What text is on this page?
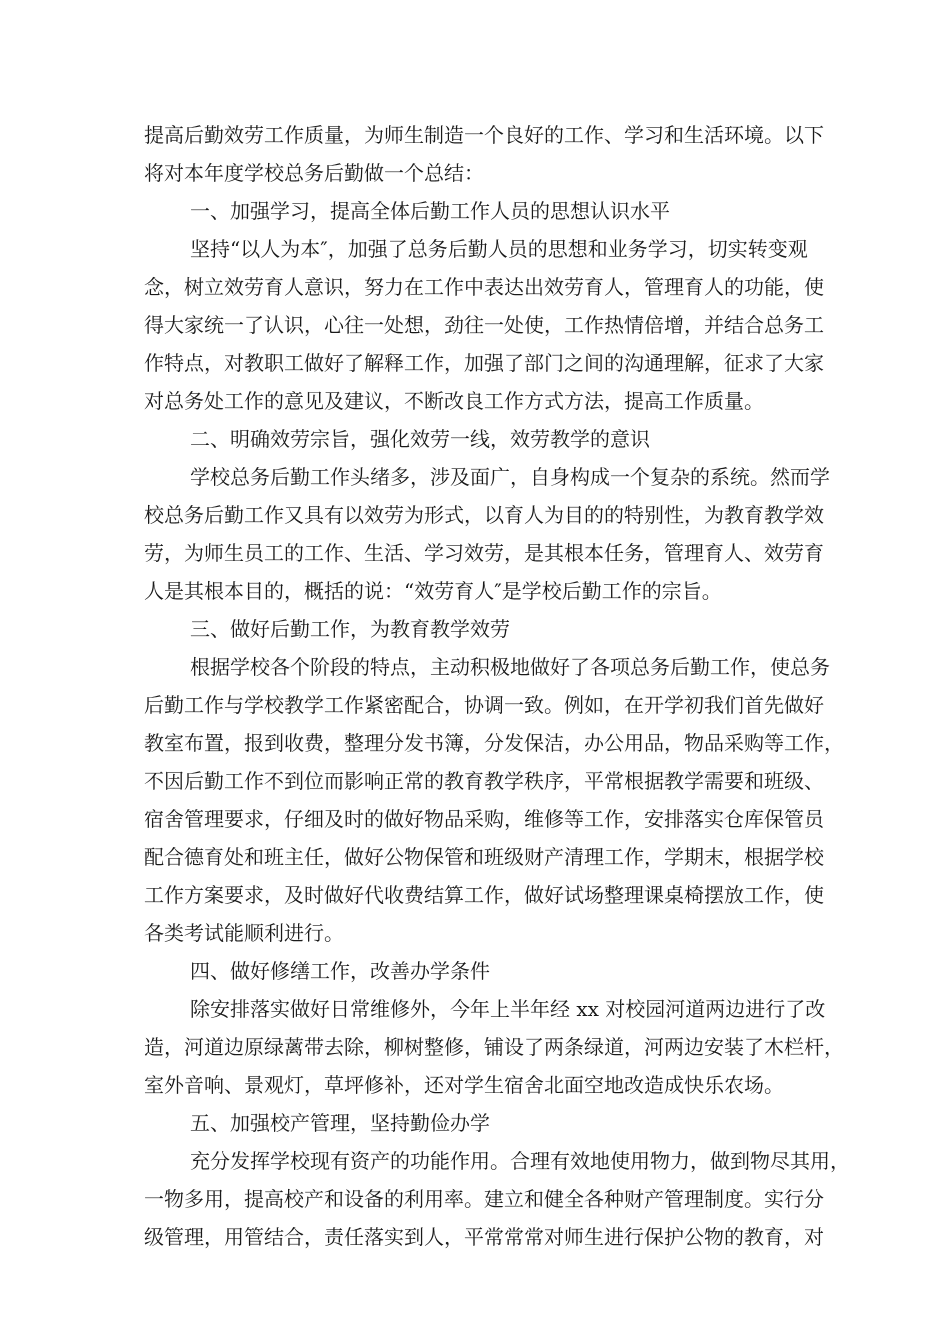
提高后勤效劳工作质量，为师生制造一个良好的工作、学习和生活环境。以下
将对本年度学校总务后勤做一个总结：
一、加强学习，提高全体后勤工作人员的思想认识水平
坚持“以人为本″，加强了总务后勤人员的思想和业务学习，切实转变观
念，树立效劳育人意识，努力在工作中表达出效劳育人，管理育人的功能，使
得大家统一了认识，心往一处想，劲往一处使，工作热情倍增，并结合总务工
作特点，对教职工做好了解释工作，加强了部门之间的沟通理解，征求了大家
对总务处工作的意见及建议，不断改良工作方式方法，提高工作质量。
二、明确效劳宗旨，强化效劳一线，效劳教学的意识
学校总务后勤工作头绪多，涉及面广，自身构成一个复杂的系统。然而学
校总务后勤工作又具有以效劳为形式，以育人为目的的特别性，为教育教学效
劳，为师生员工的工作、生活、学习效劳，是其根本任务，管理育人、效劳育
人是其根本目的，概括的说：“效劳育人″是学校后勤工作的宗旨。
三、做好后勤工作，为教育教学效劳
根据学校各个阶段的特点，主动积极地做好了各项总务后勤工作，使总务
后勤工作与学校教学工作紧密配合，协调一致。例如，在开学初我们首先做好
教室布置，报到收费，整理分发书簿，分发保洁，办公用品，物品采购等工作，
不因后勤工作不到位而影响正常的教育教学秩序，平常根据教学需要和班级、
宿舍管理要求，仔细及时的做好物品采购，维修等工作，安排落实仓库保管员
配合德育处和班主任，做好公物保管和班级财产清理工作，学期末，根据学校
工作方案要求，及时做好代收费结算工作，做好试场整理课桌椅摆放工作，使
各类考试能顺利进行。
四、做好修缮工作，改善办学条件
除安排落实做好日常维修外，今年上半年经 xx 对校园河道两边进行了改
造，河道边原绿蓠带去除，柳树整修，铺设了两条绿道，河两边安装了木栏杆，
室外音响、景观灯，草坪修补，还对学生宿舍北面空地改造成快乐农场。
五、加强校产管理，坚持勤俭办学
充分发挥学校现有资产的功能作用。合理有效地使用物力，做到物尽其用，
一物多用，提高校产和设备的利用率。建立和健全各种财产管理制度。实行分
级管理，用管结合，责任落实到人，平常常常对师生进行保护公物的教育，对
